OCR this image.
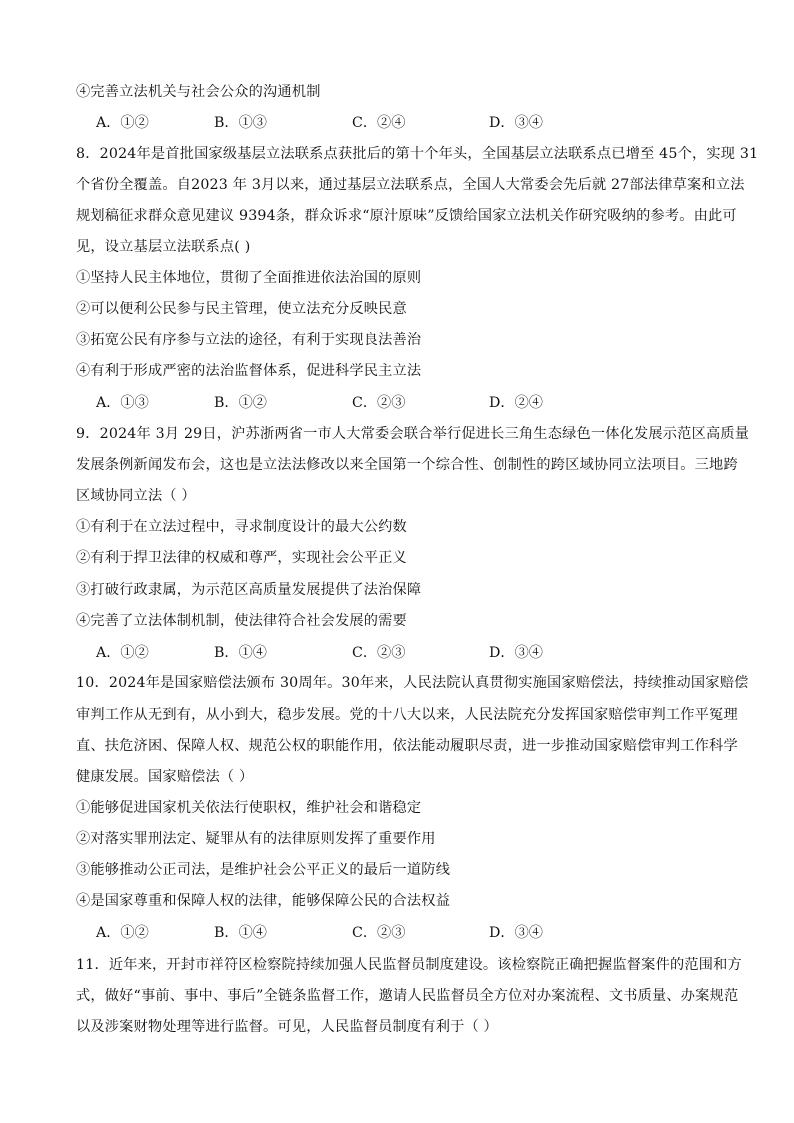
④完善立法机关与社会公众的沟通机制
A．①②	B．①③	C．②④	D．③④
8．2024年是首批国家级基层立法联系点获批后的第十个年头，全国基层立法联系点已增至 45个，实现 31
个省份全覆盖。自2023 年 3月以来，通过基层立法联系点，全国人大常委会先后就 27部法律草案和立法
规划稿征求群众意见建议 9394条，群众诉求“原汁原味”反馈给国家立法机关作研究吸纳的参考。由此可
见，设立基层立法联系点( )
①坚持人民主体地位，贯彻了全面推进依法治国的原则
②可以便利公民参与民主管理，使立法充分反映民意
③拓宽公民有序参与立法的途径，有利于实现良法善治
④有利于形成严密的法治监督体系，促进科学民主立法
A．①③	B．①②	C．②③	D．②④
9．2024年 3月 29日，沪苏浙两省一市人大常委会联合举行促进长三角生态绿色一体化发展示范区高质量
发展条例新闻发布会，这也是立法法修改以来全国第一个综合性、创制性的跨区域协同立法项目。三地跨
区域协同立法（ ）
①有利于在立法过程中，寻求制度设计的最大公约数
②有利于捍卫法律的权威和尊严，实现社会公平正义
③打破行政隶属，为示范区高质量发展提供了法治保障
④完善了立法体制机制，使法律符合社会发展的需要
A．①②	B．①④	C．②③	D．③④
10．2024年是国家赔偿法颁布 30周年。30年来，人民法院认真贯彻实施国家赔偿法，持续推动国家赔偿
审判工作从无到有，从小到大，稳步发展。党的十八大以来，人民法院充分发挥国家赔偿审判工作平冤理
直、扶危济困、保障人权、规范公权的职能作用，依法能动履职尽责，进一步推动国家赔偿审判工作科学
健康发展。国家赔偿法（ ）
①能够促进国家机关依法行使职权，维护社会和谐稳定
②对落实罪刑法定、疑罪从有的法律原则发挥了重要作用
③能够推动公正司法，是维护社会公平正义的最后一道防线
④是国家尊重和保障人权的法律，能够保障公民的合法权益
A．①②	B．①④	C．②③	D．③④
11．近年来，开封市祥符区检察院持续加强人民监督员制度建设。该检察院正确把握监督案件的范围和方
式，做好“事前、事中、事后”全链条监督工作，邀请人民监督员全方位对办案流程、文书质量、办案规范
以及涉案财物处理等进行监督。可见，人民监督员制度有利于（ ）
